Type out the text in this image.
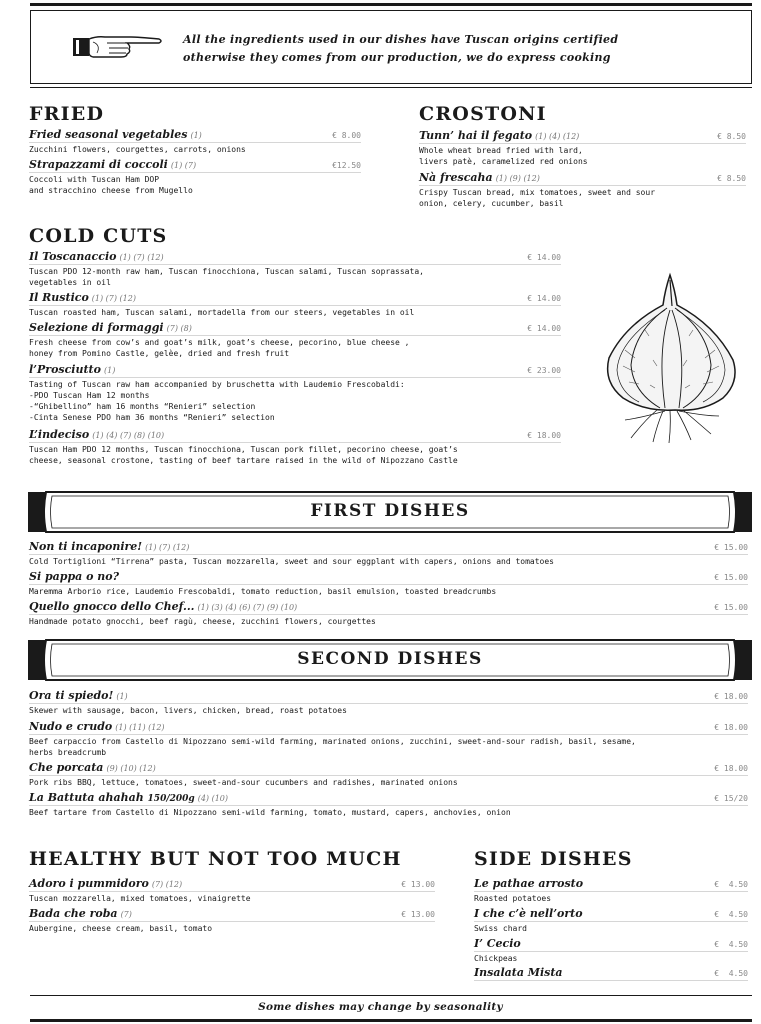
All the ingredients used in our dishes have Tuscan origins certified
otherwise they comes from our production, we do express cooking
FRIED
Fried seasonal vegetables (1)	€ 8.00
Zucchini flowers, courgettes, carrots, onions
Strapazzami di coccoli (1) (7)	€12.50
Coccoli with Tuscan Ham DOP
and stracchino cheese from Mugello
CROSTONI
Tunn’ hai il fegato (1) (4) (12)	€ 8.50
Whole wheat bread fried with lard,
livers patè, caramelized red onions
Nà frescaha (1) (9) (12)	€ 8.50
Crispy Tuscan bread, mix tomatoes, sweet and sour
onion, celery, cucumber, basil
COLD CUTS
Il Toscanaccio (1) (7) (12)	€ 14.00
Tuscan PDO 12-month raw ham, Tuscan finocchiona, Tuscan salami, Tuscan soprassata,
vegetables in oil
Il Rustico (1) (7) (12)	€ 14.00
Tuscan roasted ham, Tuscan salami, mortadella from our steers, vegetables in oil
Selezione di formaggi (7) (8)	€ 14.00
Fresh cheese from cow’s and goat’s milk, goat’s cheese, pecorino, blue cheese ,
honey from Pomino Castle, gelèe, dried and fresh fruit
l’Prosciutto (1)	€ 23.00
Tasting of Tuscan raw ham accompanied by bruschetta with Laudemio Frescobaldi:
-PDO Tuscan Ham 12 months
-“Ghibellino” ham 16 months “Renieri” selection
-Cinta Senese PDO ham 36 months “Renieri” selection
L’indeciso (1) (4) (7) (8) (10)	€ 18.00
Tuscan Ham PDO 12 months, Tuscan finocchiona, Tuscan pork fillet, pecorino cheese, goat’s
cheese, seasonal crostone, tasting of beef tartare raised in the wild of Nipozzano Castle
FIRST DISHES
Non ti incaponire! (1) (7) (12)	€ 15.00
Cold Tortiglioni “Tirrena” pasta, Tuscan mozzarella, sweet and sour eggplant with capers, onions and tomatoes
Si pappa o no?	€ 15.00
Maremma Arborio rice, Laudemio Frescobaldi, tomato reduction, basil emulsion, toasted breadcrumbs
Quello gnocco dello Chef... (1) (3) (4) (6) (7) (9) (10)	€ 15.00
Handmade potato gnocchi, beef ragù, cheese, zucchini flowers, courgettes
SECOND DISHES
Ora ti spiedo! (1)	€ 18.00
Skewer with sausage, bacon, livers, chicken, bread, roast potatoes
Nudo e crudo (1) (11) (12)	€ 18.00
Beef carpaccio from Castello di Nipozzano semi-wild farming, marinated onions, zucchini, sweet-and-sour radish, basil, sesame,
herbs breadcrumb
Che porcata (9) (10) (12)	€ 18.00
Pork ribs BBQ, lettuce, tomatoes, sweet-and-sour cucumbers and radishes, marinated onions
La Battuta ahahah 150/200g (4) (10)	€ 15/20
Beef tartare from Castello di Nipozzano semi-wild farming, tomato, mustard, capers, anchovies, onion
HEALTHY BUT NOT TOO MUCH
Adoro i pummidoro (7) (12)	€ 13.00
Tuscan mozzarella, mixed tomatoes, vinaigrette
Bada che roba (7)	€ 13.00
Aubergine, cheese cream, basil, tomato
SIDE DISHES
Le pathae arrosto	€  4.50
Roasted potatoes
I che c’è nell’orto	€  4.50
Swiss chard
I’ Cecio	€  4.50
Chickpeas
Insalata Mista	€  4.50
Some dishes may change by seasonality
